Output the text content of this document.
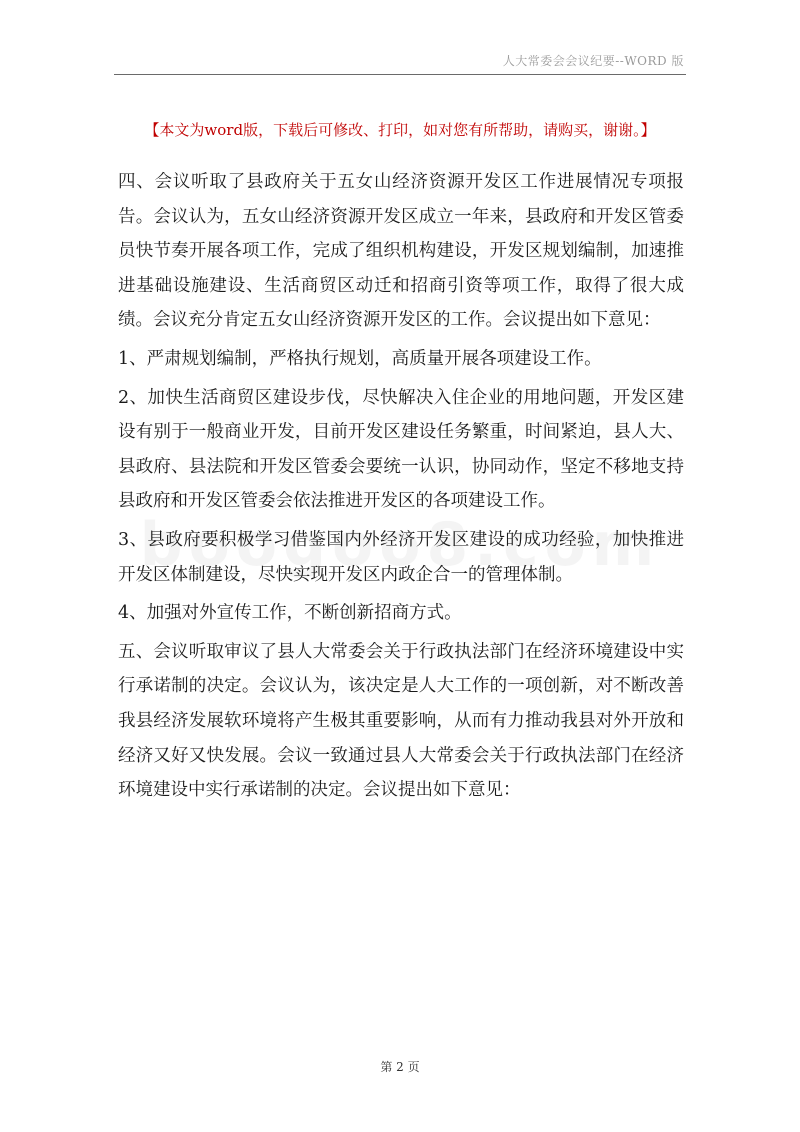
人大常委会会议纪要--WORD 版
【本文为word版，下载后可修改、打印，如对您有所帮助，请购买，谢谢。】

四、会议听取了县政府关于五女山经济资源开发区工作进展情况专项报告。会议认为，五女山经济资源开发区成立一年来，县政府和开发区管委员快节奏开展各项工作，完成了组织机构建设，开发区规划编制，加速推进基础设施建设、生活商贸区动迁和招商引资等项工作，取得了很大成绩。会议充分肯定五女山经济资源开发区的工作。会议提出如下意见：

1、严肃规划编制，严格执行规划，高质量开展各项建设工作。

2、加快生活商贸区建设步伐，尽快解决入住企业的用地问题，开发区建设有别于一般商业开发，目前开发区建设任务繁重，时间紧迫，县人大、县政府、县法院和开发区管委会要统一认识，协同动作，坚定不移地支持县政府和开发区管委会依法推进开发区的各项建设工作。

3、县政府要积极学习借鉴国内外经济开发区建设的成功经验，加快推进开发区体制建设，尽快实现开发区内政企合一的管理体制。

4、加强对外宣传工作，不断创新招商方式。

五、会议听取审议了县人大常委会关于行政执法部门在经济环境建设中实行承诺制的决定。会议认为，该决定是人大工作的一项创新，对不断改善我县经济发展软环境将产生极其重要影响，从而有力推动我县对外开放和经济又好又快发展。会议一致通过县人大常委会关于行政执法部门在经济环境建设中实行承诺制的决定。会议提出如下意见：

第 2 页
